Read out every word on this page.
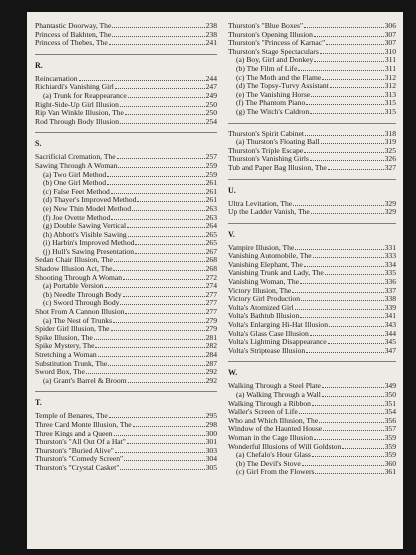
Phantastic Doorway, The	238
Princess of Bakhten, The	238
Princess of Thebes, The	241
R.
Reincarnation	244
Richiardi's Vanishing Girl	247
(a) Trunk for Reappearance	249
Right-Side-Up Girl Illusion	250
Rip Van Winkle Illusion, The	250
Rod Through Body Illusion	254
S.
Sacrificial Cremation, The	257
Sawing Through A Woman	259
(a) Two Girl Method	259
(b) One Girl Method	261
(c) False Feet Method	261
(d) Thayer's Improved Method	261
(e) New Thin Model Method	263
(f) Joe Ovette Method	263
(g) Double Sawing Vertical	264
(h) Abbott's Visible Sawing	265
(i) Harbin's Improved Method	265
(j) Hull's Sawing Presentation	267
Sedan Chair Illusion, The	268
Shadow Illusion Act, The	268
Shooting Through A Woman	272
(a) Portable Version	274
(b) Needle Through Body	277
(c) Sword Through Body	277
Shot From A Cannon Illusion	277
(a) The Nest of Trunks	279
Spider Girl Illusion, The	279
Spike Illusion, The	281
Spike Mystery, The	282
Stretching a Woman	284
Substitution Trunk, The	287
Sword Box, The	292
(a) Grant's Barrel & Broom	292
T.
Temple of Benares, The	295
Three Card Monte Illusion, The	298
Three Kings and a Queen	300
Thurston's "All Out Of a Hat"	301
Thurston's "Buried Alive"	303
Thurston's "Comedy Screen"	304
Thurston's "Crystal Casket"	305
Thurston's "Blue Boxes"	306
Thurston's Opening Illusion	307
Thurston's "Princess of Karnac"	307
Thurston's Stage Spectaculars	310
(a) Boy, Girl and Donkey	311
(b) The Film of Life	311
(c) The Moth and the Flame	312
(d) The Topsy-Turvy Assistant	312
(e) The Vanishing Horse	313
(f) The Phantom Piano	315
(g) The Witch's Caldron	315
Thurston's Spirit Cabinet	318
(a) Thurston's Floating Ball	319
Thurston's Triple Escape	325
Thurston's Vanishing Girls	326
Tub and Paper Bag Illusion, The	327
U.
Ultra Levitation, The	329
Up the Ladder Vanish, The	329
V.
Vampire Illusion, The	331
Vanishing Automobile, The	333
Vanishing Elephant, The	334
Vanishing Trunk and Lady, The	335
Vanishing Woman, The	336
Victory Illusion, The	337
Victory Girl Production	338
Volta's Atomized Girl	339
Volta's Bathtub Illusion	341
Volta's Enlarging Hi-Hat Illusion	343
Volta's Glass Case Illusion	344
Volta's Lightning Disappearance	345
Volta's Striptease Illusion	347
W.
Walking Through a Steel Plate	349
(a) Walking Through a Wall	350
Walking Through a Ribbon	351
Waller's Screen of Life	354
Who and Which Illusion, The	356
Window of the Haunted House	357
Woman in the Cage Illusion	359
Wonderful Illusions of Will Goldston	359
(a) Chefalo's Hour Glass	359
(b) The Devil's Stove	360
(c) Girl From the Flowers	361
